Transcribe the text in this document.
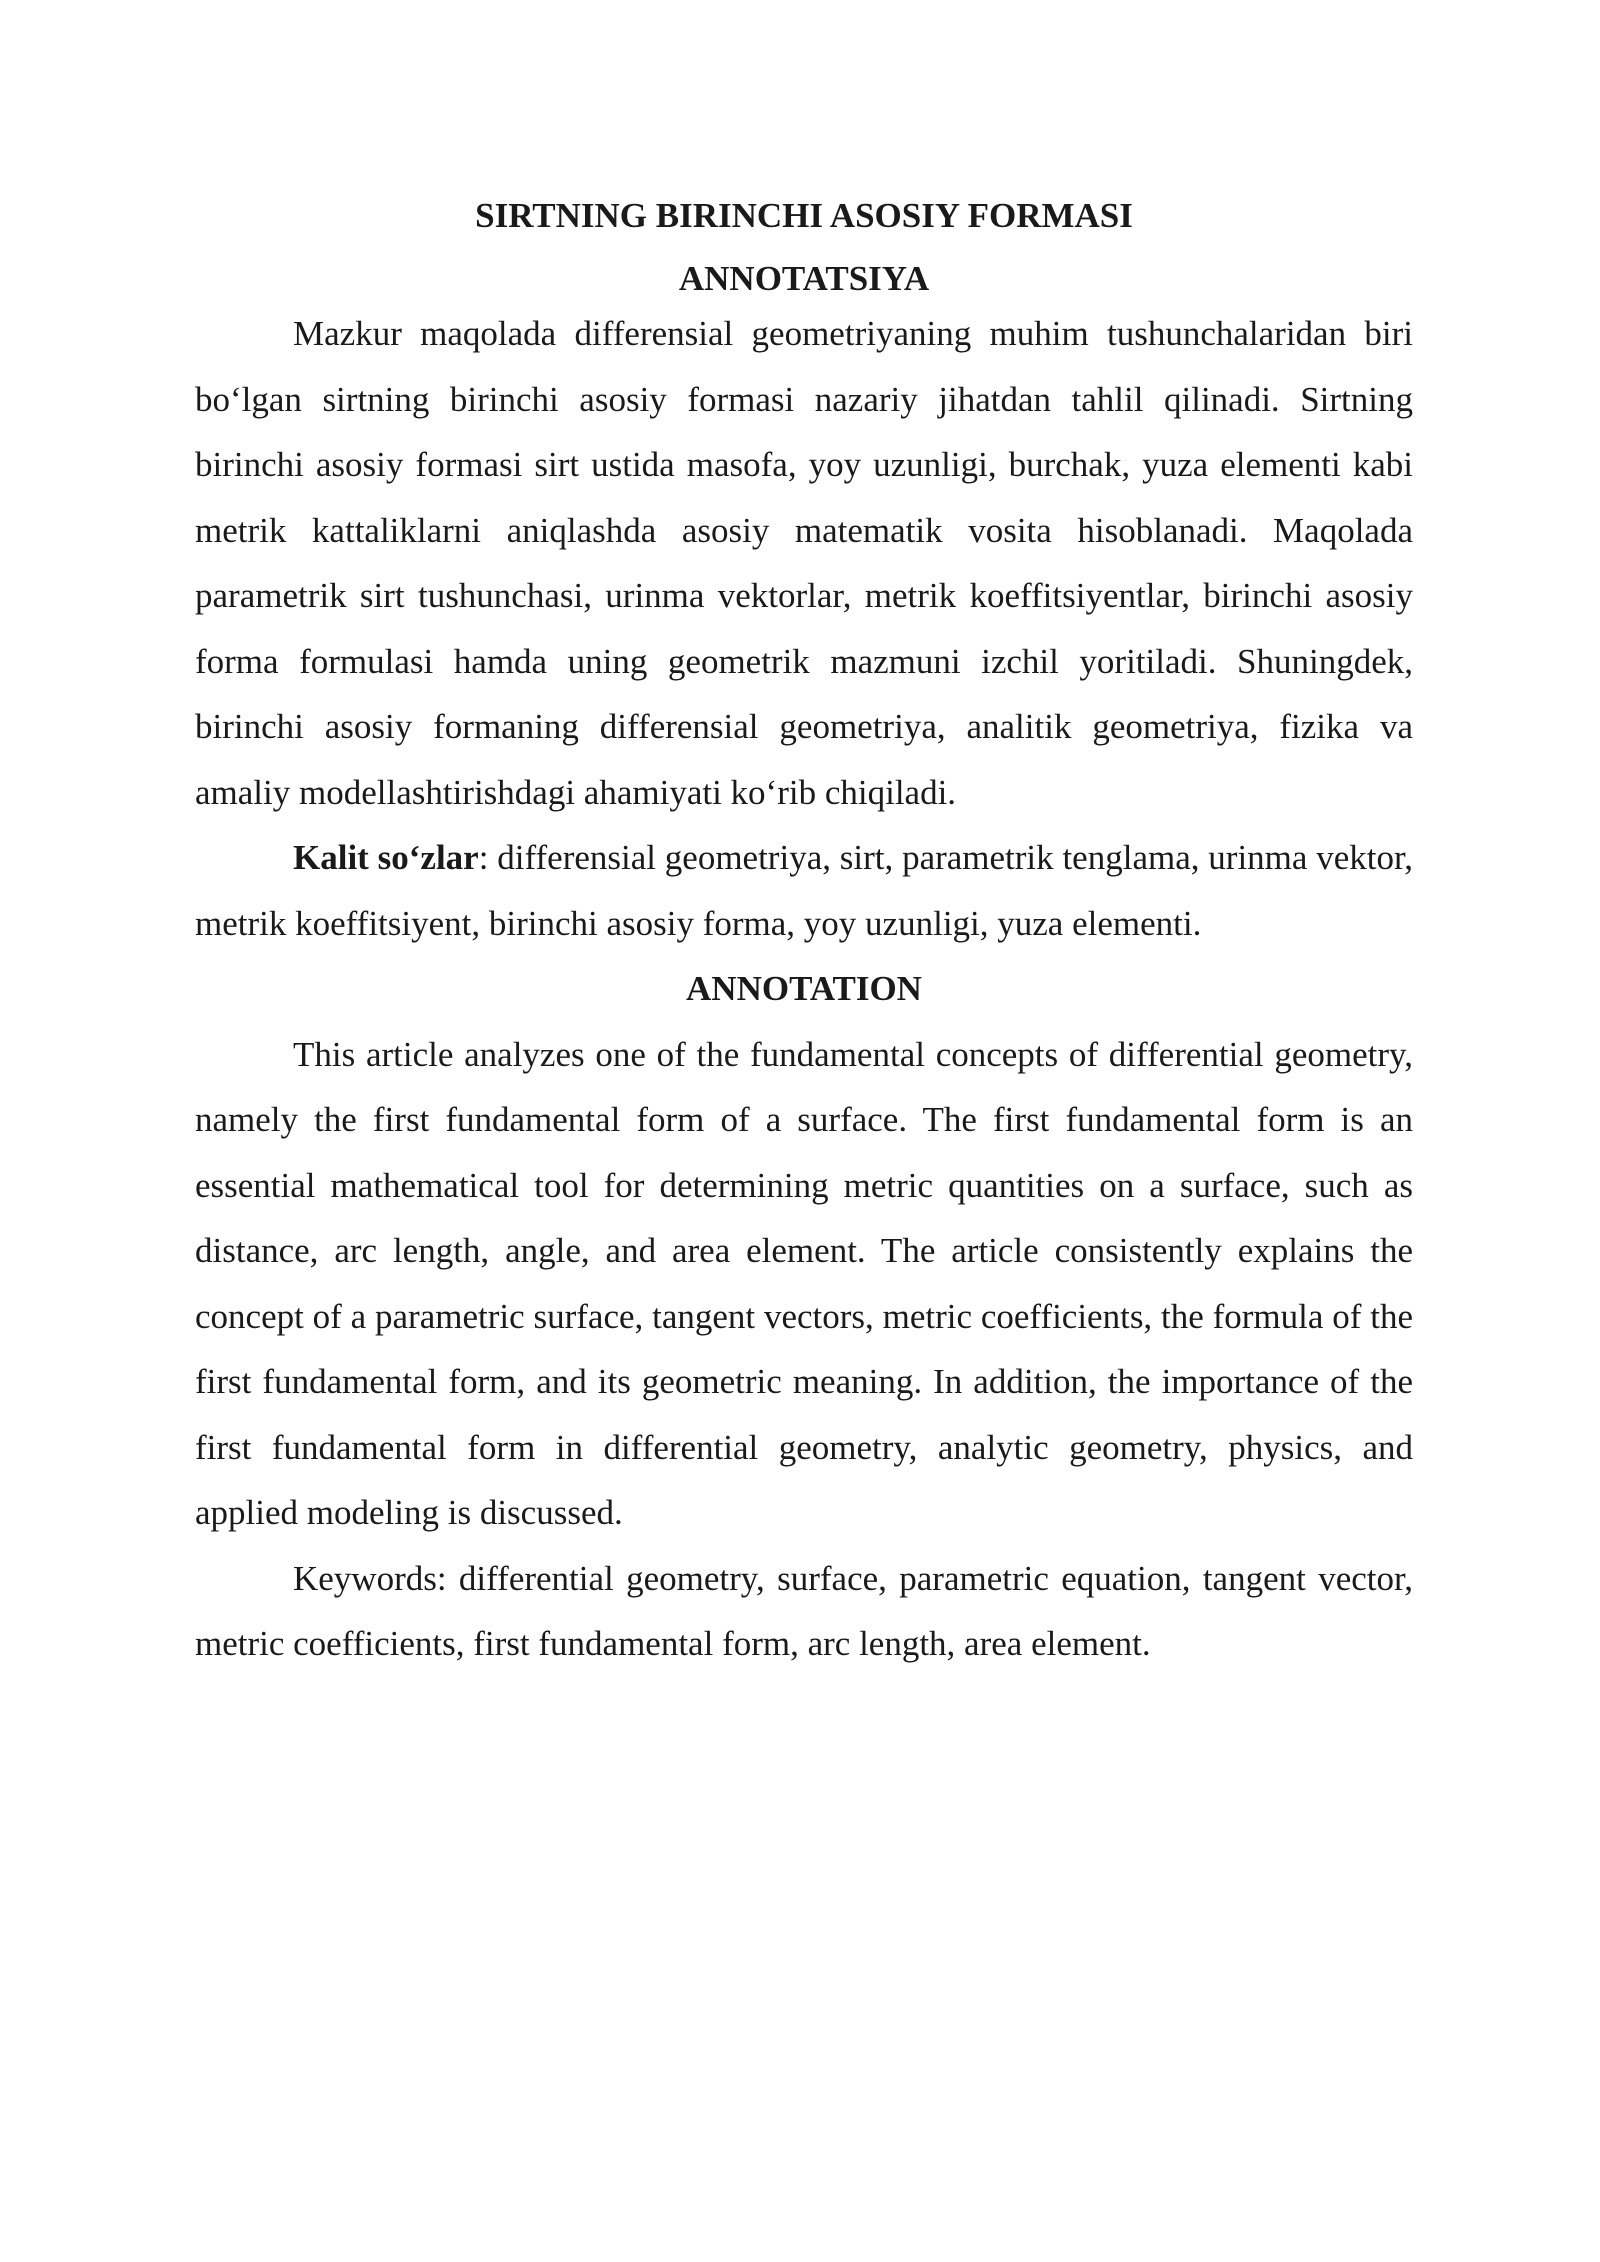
SIRTNING BIRINCHI ASOSIY FORMASI

ANNOTATSIYA

Mazkur maqolada differensial geometriyaning muhim tushunchalaridan biri bo‘lgan sirtning birinchi asosiy formasi nazariy jihatdan tahlil qilinadi. Sirtning birinchi asosiy formasi sirt ustida masofa, yoy uzunligi, burchak, yuza elementi kabi metrik kattaliklarni aniqlashda asosiy matematik vosita hisoblanadi. Maqolada parametrik sirt tushunchasi, urinma vektorlar, metrik koeffitsiyentlar, birinchi asosiy forma formulasi hamda uning geometrik mazmuni izchil yoritiladi. Shuningdek, birinchi asosiy formaning differensial geometriya, analitik geometriya, fizika va amaliy modellashtirishdagi ahamiyati ko‘rib chiqiladi.

Kalit so‘zlar: differensial geometriya, sirt, parametrik tenglama, urinma vektor, metrik koeffitsiyent, birinchi asosiy forma, yoy uzunligi, yuza elementi.

ANNOTATION

This article analyzes one of the fundamental concepts of differential geometry, namely the first fundamental form of a surface. The first fundamental form is an essential mathematical tool for determining metric quantities on a surface, such as distance, arc length, angle, and area element. The article consistently explains the concept of a parametric surface, tangent vectors, metric coefficients, the formula of the first fundamental form, and its geometric meaning. In addition, the importance of the first fundamental form in differential geometry, analytic geometry, physics, and applied modeling is discussed.

Keywords: differential geometry, surface, parametric equation, tangent vector, metric coefficients, first fundamental form, arc length, area element.
